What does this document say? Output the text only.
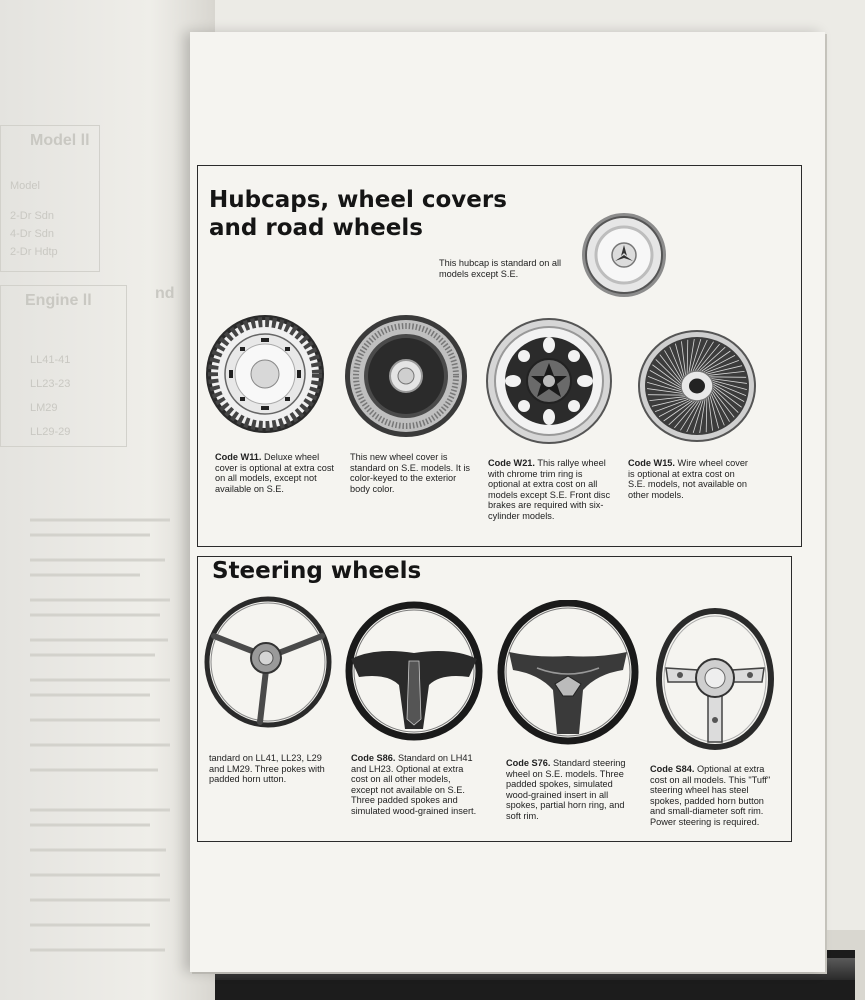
Model ll
nd
Engine ll
Model
2-Dr Sdn
4-Dr Sdn
2-Dr Hdtp
LL41-41
LL23-23
LM29
LL29-29
Hubcaps, wheel covers
and road wheels
This hubcap is standard on all models except S.E.
Code W11. Deluxe wheel cover is optional at extra cost on all models, except not available on S.E.
This new wheel cover is standard on S.E. models. It is color-keyed to the exterior body color.
Code W21. This rallye wheel with chrome trim ring is optional at extra cost on all models except S.E. Front disc brakes are required with six-cylinder models.
Code W15. Wire wheel cover is optional at extra cost on S.E. models, not available on other models.
Steering wheels
tandard on LL41, LL23, L29 and LM29. Three pokes with padded horn utton.
Code S86. Standard on LH41 and LH23. Optional at extra cost on all other models, except not available on S.E. Three padded spokes and simulated wood-grained insert.
Code S76. Standard steering wheel on S.E. models. Three padded spokes, simulated wood-grained insert in all spokes, partial horn ring, and soft rim.
Code S84. Optional at extra cost on all models. This "Tuff" steering wheel has steel spokes, padded horn button and small-diameter soft rim. Power steering is required.
